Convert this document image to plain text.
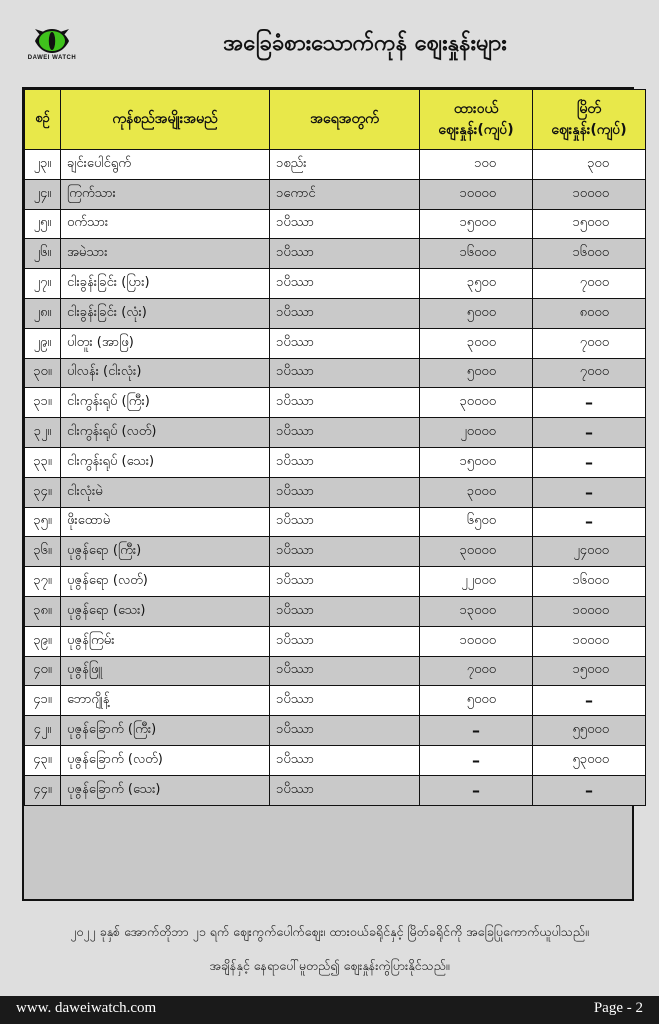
DAWEI WATCH
အခြေခံစားသောက်ကုန် ဈေးနှုန်းများ
စဉ်	ကုန်စည်အမျိုးအမည်	အရေအတွက်	ထားဝယ် ဈေးနှုန်း(ကျပ်)	မြိတ် ဈေးနှုန်း(ကျပ်)
၂၃။	ချင်းပေါင်ရွက်	၁စည်း	၁၀၀	၃၀၀
၂၄။	ကြက်သား	၁ကောင်	၁၀၀၀၀	၁၀၀၀၀
၂၅။	ဝက်သား	၁ပိဿာ	၁၅၀၀၀	၁၅၀၀၀
၂၆။	အမဲသား	၁ပိဿာ	၁၆၀၀၀	၁၆၀၀၀
၂၇။	ငါးခွန်းခြင်း (ပြား)	၁ပိဿာ	၃၅၀၀	၇၀၀၀
၂၈။	ငါးခွန်းခြင်း (လုံး)	၁ပိဿာ	၅၀၀၀	၈၀၀၀
၂၉။	ပါတူး (အာဖြ)	၁ပိဿာ	၃၀၀၀	၇၀၀၀
၃၀။	ပါလန်း (ငါးလုံး)	၁ပိဿာ	၅၀၀၀	၇၀၀၀
၃၁။	ငါးကွန်းရုပ် (ကြီး)	၁ပိဿာ	၃၀၀၀၀	–
၃၂။	ငါးကွန်းရုပ် (လတ်)	၁ပိဿာ	၂၀၀၀၀	–
၃၃။	ငါးကွန်းရုပ် (သေး)	၁ပိဿာ	၁၅၀၀၀	–
၃၄။	ငါးလုံးမဲ	၁ပိဿာ	၃၀၀၀	–
၃၅။	ဖိုးထောမဲ	၁ပိဿာ	၆၅၀၀	–
၃၆။	ပုဇွန်ရော (ကြီး)	၁ပိဿာ	၃၀၀၀၀	၂၄၀၀၀
၃၇။	ပုဇွန်ရော (လတ်)	၁ပိဿာ	၂၂၀၀၀	၁၆၀၀၀
၃၈။	ပုဇွန်ရော (သေး)	၁ပိဿာ	၁၃၀၀၀	၁၀၀၀၀
၃၉။	ပုဇွန်ကြမ်း	၁ပိဿာ	၁၀၀၀၀	၁၀၀၀၀
၄၀။	ပုဇွန်ဖြူ	၁ပိဿာ	၇၀၀၀	၁၅၀၀၀
၄၁။	ဘောဂျိုန့်	၁ပိဿာ	၅၀၀၀	–
၄၂။	ပုဇွန်ခြောက် (ကြီး)	၁ပိဿာ	–	၅၅၀၀၀
၄၃။	ပုဇွန်ခြောက် (လတ်)	၁ပိဿာ	–	၅၃၀၀၀
၄၄။	ပုဇွန်ခြောက် (သေး)	၁ပိဿာ	–	–
၂၀၂၂ ခုနှစ် အောက်တိုဘာ ၂၁ ရက် ဈေးကွက်ပေါက်ဈေး၊ ထားဝယ်ခရိုင်နှင့် မြိတ်ခရိုင်ကို အခြေပြုကောက်ယူပါသည်။
အချိန်နှင့် နေရာပေါ်မူတည်၍ ဈေးနှုန်းကွဲပြားနိုင်သည်။
www. daweiwatch.com	Page - 2
